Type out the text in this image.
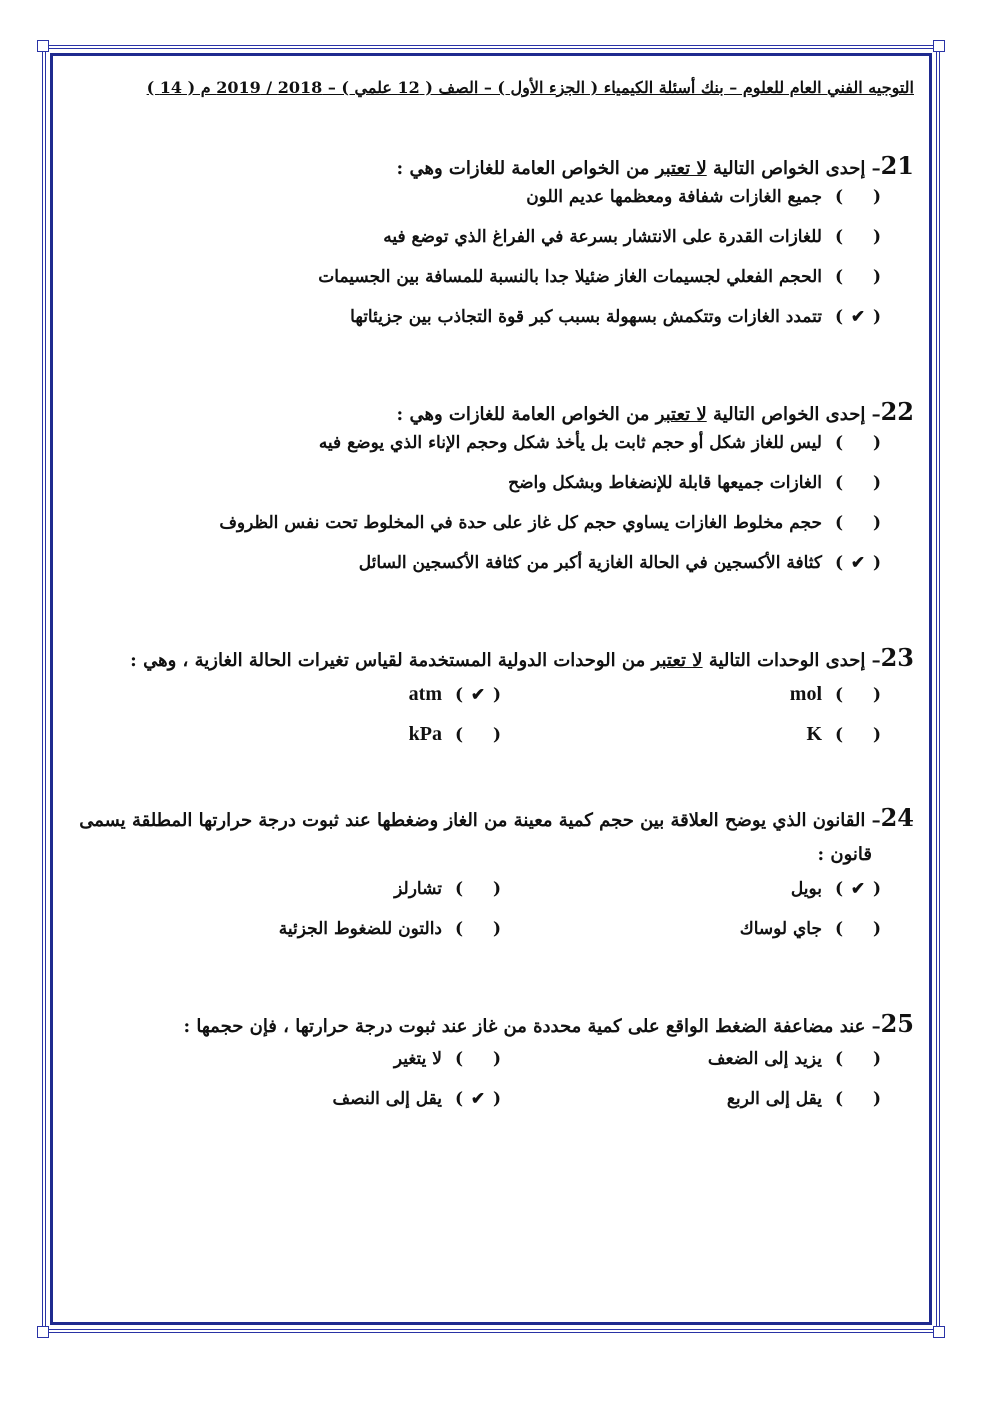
التوجيه الفني العام للعلوم – بنك أسئلة الكيمياء ( الجزء الأول ) – الصف ( 12 علمي ) – 2018 / 2019 م ( 14 )
21– إحدى الخواص التالية لا تعتبر من الخواص العامة للغازات وهي :
( )جميع الغازات شفافة ومعظمها عديم اللون
( )للغازات القدرة على الانتشار بسرعة في الفراغ الذي توضع فيه
( )الحجم الفعلي لجسيمات الغاز ضئيلا جدا بالنسبة للمسافة بين الجسيمات
( ✔ )تتمدد الغازات وتتكمش بسهولة بسبب كبر قوة التجاذب بين جزيئاتها
22– إحدى الخواص التالية لا تعتبر من الخواص العامة للغازات وهي :
( )ليس للغاز شكل أو حجم ثابت بل يأخذ شكل وحجم الإناء الذي يوضع فيه
( )الغازات جميعها قابلة للإنضغاط وبشكل واضح
( )حجم مخلوط الغازات يساوي حجم كل غاز على حدة في المخلوط تحت نفس الظروف
( ✔ )كثافة الأكسجين في الحالة الغازية أكبر من كثافة الأكسجين السائل
23– إحدى الوحدات التالية لا تعتبر من الوحدات الدولية المستخدمة لقياس تغيرات الحالة الغازية ، وهي :
( )mol
( ✔ )atm
( )K
( )kPa
24– القانون الذي يوضح العلاقة بين حجم كمية معينة من الغاز وضغطها عند ثبوت درجة حرارتها المطلقة يسمى
قانون :
( ✔ )بويل
( )تشارلز
( )جاي لوساك
( )دالتون للضغوط الجزئية
25– عند مضاعفة الضغط الواقع على كمية محددة من غاز عند ثبوت درجة حرارتها ، فإن حجمها :
( )يزيد إلى الضعف
( )لا يتغير
( )يقل إلى الربع
( ✔ )يقل إلى النصف
